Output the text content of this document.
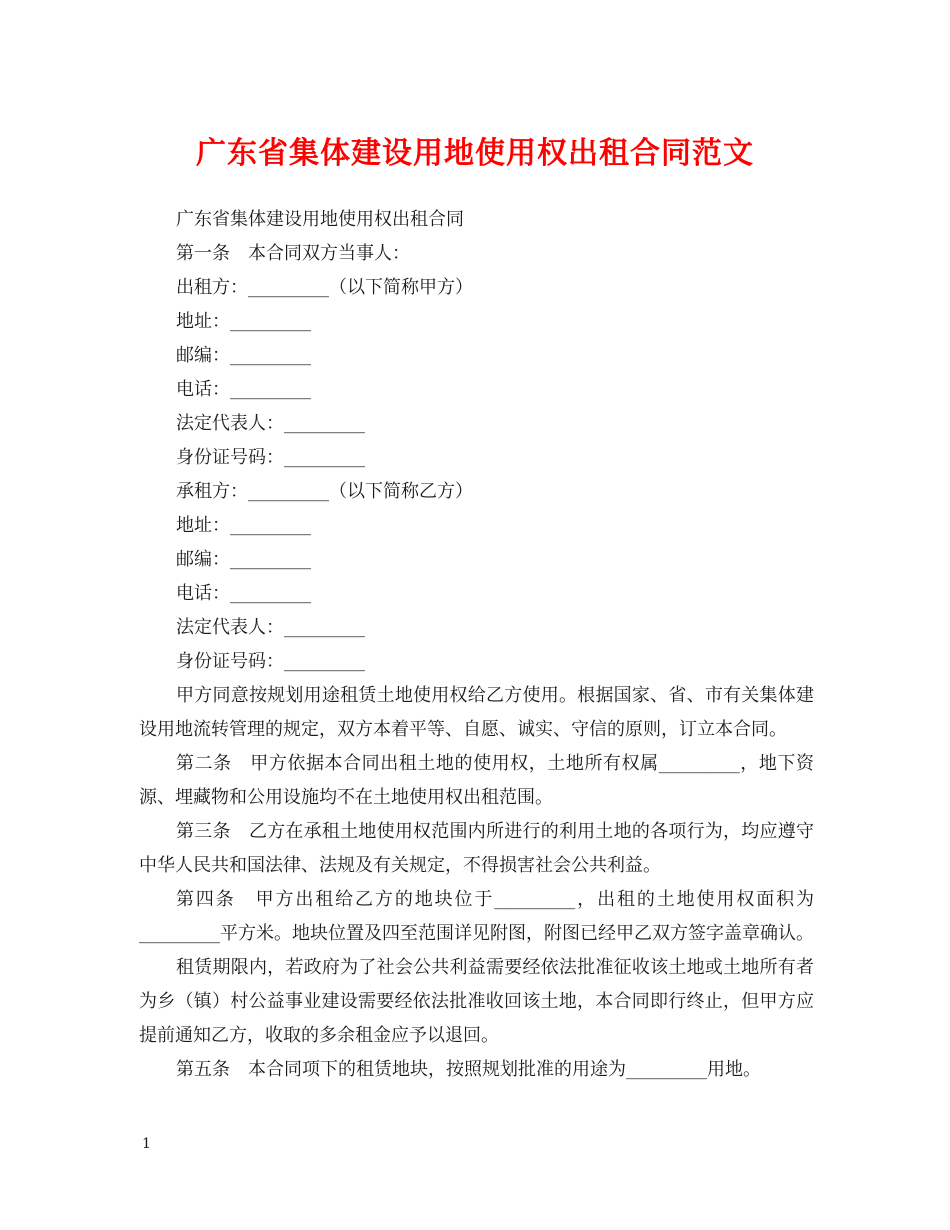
广东省集体建设用地使用权出租合同范文

广东省集体建设用地使用权出租合同

第一条　本合同双方当事人：

出租方：_________（以下简称甲方）

地址：_________

邮编：_________

电话：_________

法定代表人：_________

身份证号码：_________

承租方：_________（以下简称乙方）

地址：_________

邮编：_________

电话：_________

法定代表人：_________

身份证号码：_________

甲方同意按规划用途租赁土地使用权给乙方使用。根据国家、省、市有关集体建设用地流转管理的规定，双方本着平等、自愿、诚实、守信的原则，订立本合同。

第二条　甲方依据本合同出租土地的使用权，土地所有权属_________，地下资源、埋藏物和公用设施均不在土地使用权出租范围。

第三条　乙方在承租土地使用权范围内所进行的利用土地的各项行为，均应遵守中华人民共和国法律、法规及有关规定，不得损害社会公共利益。

第四条　甲方出租给乙方的地块位于_________，出租的土地使用权面积为_________平方米。地块位置及四至范围详见附图，附图已经甲乙双方签字盖章确认。

租赁期限内，若政府为了社会公共利益需要经依法批准征收该土地或土地所有者为乡（镇）村公益事业建设需要经依法批准收回该土地，本合同即行终止，但甲方应提前通知乙方，收取的多余租金应予以退回。

第五条　本合同项下的租赁地块，按照规划批准的用途为_________用地。

1
